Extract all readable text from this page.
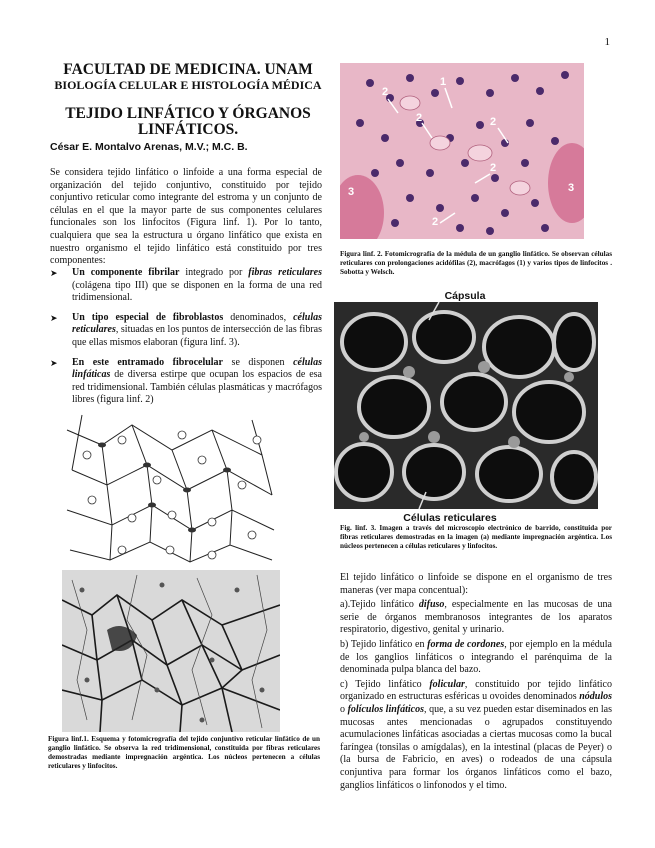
1
FACULTAD DE MEDICINA. UNAM
BIOLOGÍA CELULAR E HISTOLOGÍA MÉDICA
TEJIDO LINFÁTICO Y ÓRGANOS LINFÁTICOS.
César E. Montalvo Arenas, M.V.; M.C. B.
Se considera tejido linfático o linfoide a una forma especial de organización del tejido conjuntivo, constituido por tejido conjuntivo reticular como integrante del estroma y un conjunto de células en el que la mayor parte de sus componentes celulares funcionales son los linfocitos (Figura linf. 1). Por lo tanto, cualquiera que sea la estructura u órgano linfático que exista en nuestro organismo el tejido linfático está constituido por tres componentes:
➤ Un componente fibrilar integrado por fibras reticulares (colágena tipo III) que se disponen en la forma de una red tridimensional.
➤ Un tipo especial de fibroblastos denominados, células reticulares, situadas en los puntos de intersección de las fibras que ellas mismos elaboran (figura linf. 3).
➤ En este entramado fibrocelular se disponen células linfáticas de diversa estirpe que ocupan los espacios de esa red tridimensional. También células plasmáticas y macrófagos libres (figura linf. 2)
Figura linf.1. Esquema y fotomicrografía del tejido conjuntivo reticular linfático de un ganglio linfático. Se observa la red tridimensional, constituida por fibras reticulares demostradas mediante impregnación argéntica. Los núcleos pertenecen a células reticulares y linfocitos.
2
1
2	2
2
3	3
2
Figura linf. 2. Fotomicrografía de la médula de un ganglio linfático. Se observan células reticulares con prolongaciones acidófilas (2), macrófagos (1) y varios tipos de linfocitos . Sobotta y Welsch.
Cápsula
Células reticulares
Fig. linf. 3. Imagen a través del microscopio electrónico de barrido, constituida por fibras reticulares demostradas en la imagen (a) mediante impregnación argéntica. Los núcleos pertenecen a células reticulares y linfocitos.

El tejido linfático o linfoide se dispone en el organismo de tres maneras (ver mapa concentual):

a).Tejido linfático difuso, especialmente en las mucosas de una serie de órganos membranosos integrantes de los aparatos respiratorio, digestivo, genital y urinario.

b) Tejido linfático en forma de cordones, por ejemplo en la médula de los ganglios linfáticos o integrando el parénquima de la denominada pulpa blanca del bazo.

c) Tejido linfático folicular, constituido por tejido linfático organizado en estructuras esféricas u ovoides denominados nódulos o folículos linfáticos, que, a su vez pueden estar diseminados en las mucosas antes mencionadas o agrupados constituyendo acumulaciones linfáticas asociadas a ciertas mucosas como la bucal faríngea (tonsilas o amígdalas), en la intestinal (placas de Peyer) o (la bursa de Fabricio, en aves) o rodeados de una cápsula conjuntiva para formar los órganos linfáticos como el bazo, ganglios linfáticos o linfonodos y el timo.
